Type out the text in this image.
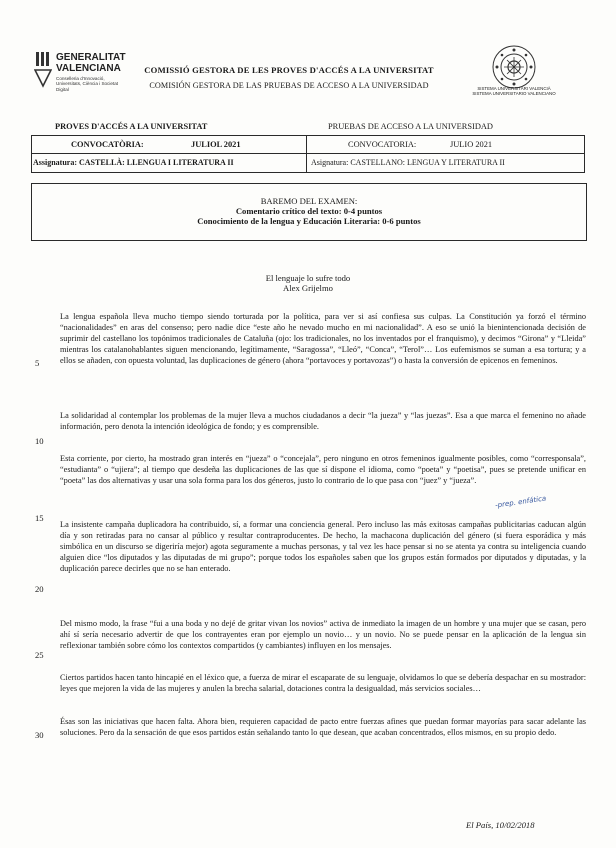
GENERALITAT
VALENCIANA
Conselleria d'Innovació, Universitats, Ciència i Societat Digital
COMISSIÓ GESTORA DE LES PROVES D'ACCÉS A LA UNIVERSITAT
COMISIÓN GESTORA DE LAS PRUEBAS DE ACCESO A LA UNIVERSIDAD	SISTEMA UNIVERSITARI VALENCIÀ
SISTEMA UNIVERSITARIO VALENCIANO
PROVES D'ACCÉS A LA UNIVERSITAT	PRUEBAS DE ACCESO A LA UNIVERSIDAD
CONVOCATÒRIA:	JULIOL 2021	CONVOCATORIA:	JULIO 2021
Assignatura: CASTELLÀ: LLENGUA I LITERATURA II	Asignatura: CASTELLANO: LENGUA Y LITERATURA II
BAREMO DEL EXAMEN:
Comentario crítico del texto: 0-4 puntos
Conocimiento de la lengua y Educación Literaria: 0-6 puntos
El lenguaje lo sufre todo
Alex Grijelmo
La lengua española lleva mucho tiempo siendo torturada por la política, para ver si así confiesa sus culpas. La Constitución ya forzó el término “nacionalidades” en aras del consenso; pero nadie dice “este año he nevado mucho en mi nacionalidad”. A eso se unió la bienintencionada decisión de suprimir del castellano los topónimos tradicionales de Cataluña (ojo: los tradicionales, no los inventados por el franquismo), y decimos “Girona” y “Lleida” mientras los catalanohablantes siguen mencionando, legítimamente, “Saragossa”, “Lleó”, “Conca”, “Terol”… Los eufemismos se suman a esa tortura; y a ellos se añaden, con opuesta voluntad, las duplicaciones de género (ahora “portavoces y portavozas”) o hasta la conversión de epicenos en femeninos.
La solidaridad al contemplar los problemas de la mujer lleva a muchos ciudadanos a decir “la jueza” y “las juezas”. Esa a que marca el femenino no añade información, pero denota la intención ideológica de fondo; y es comprensible.
Esta corriente, por cierto, ha mostrado gran interés en “jueza” o “concejala”, pero ninguno en otros femeninos igualmente posibles, como “corresponsala”, “estudianta” o “ujiera”; al tiempo que desdeña las duplicaciones de las que sí dispone el idioma, como “poeta” y “poetisa”, pues se pretende unificar en “poeta” las dos alternativas y usar una sola forma para los dos géneros, justo lo contrario de lo que pasa con “juez” y “jueza”.
La insistente campaña duplicadora ha contribuido, sí, a formar una conciencia general. Pero incluso las más exitosas campañas publicitarias caducan algún día y son retiradas para no cansar al público y resultar contraproducentes. De hecho, la machacona duplicación del género (si fuera esporádica y más simbólica en un discurso se digeriría mejor) agota seguramente a muchas personas, y tal vez les hace pensar si no se atenta ya contra su inteligencia cuando alguien dice “los diputados y las diputadas de mi grupo”; porque todos los españoles saben que los grupos están formados por diputados y diputadas, y la duplicación parece decirles que no se han enterado.
Del mismo modo, la frase “fui a una boda y no dejé de gritar vivan los novios” activa de inmediato la imagen de un hombre y una mujer que se casan, pero ahí sí sería necesario advertir de que los contrayentes eran por ejemplo un novio… y un novio. No se puede pensar en la aplicación de la lengua sin reflexionar también sobre cómo los contextos compartidos (y cambiantes) influyen en los mensajes.
Ciertos partidos hacen tanto hincapié en el léxico que, a fuerza de mirar el escaparate de su lenguaje, olvidamos lo que se debería despachar en su mostrador: leyes que mejoren la vida de las mujeres y anulen la brecha salarial, dotaciones contra la desigualdad, más servicios sociales…
Ésas son las iniciativas que hacen falta. Ahora bien, requieren capacidad de pacto entre fuerzas afines que puedan formar mayorías para sacar adelante las soluciones. Pero da la sensación de que esos partidos están señalando tanto lo que desean, que acaban concentrados, ellos mismos, en su propio dedo.
5
10
15
20
25
30
-prep. enfática
El País, 10/02/2018
